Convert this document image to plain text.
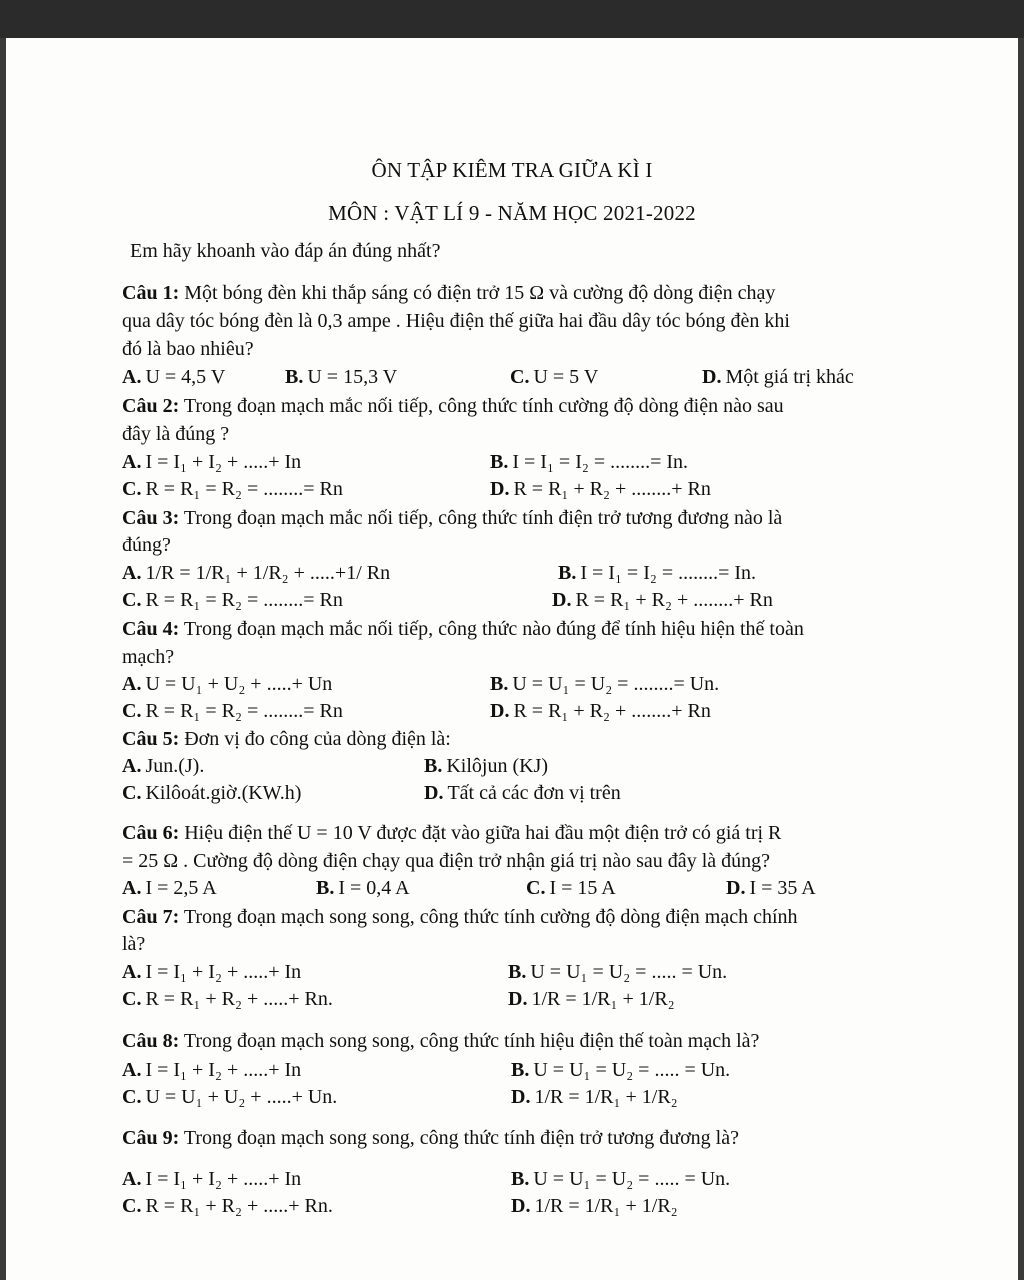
ÔN TẬP KIÊM TRA GIỮA KÌ I
MÔN : VẬT LÍ 9 - NĂM HỌC 2021-2022
Em hãy khoanh vào đáp án đúng nhất?
Câu 1: Một bóng đèn khi thắp sáng có điện trở 15 Ω và cường độ dòng điện chạy
qua dây tóc bóng đèn là 0,3 ampe . Hiệu điện thế giữa hai đầu dây tóc bóng đèn khi
đó là bao nhiêu?
A. U = 4,5 V	B. U = 15,3 V	C. U = 5 V	D. Một giá trị khác
Câu 2: Trong đoạn mạch mắc nối tiếp, công thức tính cường độ dòng điện nào sau
đây là đúng ?
A. I = I₁ + I₂ + .....+ In	B. I = I₁ = I₂ = ........= In.
C. R = R₁ = R₂ = ........= Rn	D. R = R₁ + R₂ + ........+ Rn
Câu 3: Trong đoạn mạch mắc nối tiếp, công thức tính điện trở tương đương nào là
đúng?
A. 1/R = 1/R₁ + 1/R₂ + .....+1/ Rn	B. I = I₁ = I₂ = ........= In.
C. R = R₁ = R₂ = ........= Rn	D. R = R₁ + R₂ + ........+ Rn
Câu 4: Trong đoạn mạch mắc nối tiếp, công thức nào đúng để tính hiệu hiện thế toàn
mạch?
A. U = U₁ + U₂ + .....+ Un	B. U = U₁ = U₂ = ........= Un.
C. R = R₁ = R₂ = ........= Rn	D. R = R₁ + R₂ + ........+ Rn
Câu 5: Đơn vị đo công của dòng điện là:
A. Jun.(J).	B. Kilôjun (KJ)
C. Kilôoát.giờ.(KW.h)	D. Tất cả các đơn vị trên
Câu 6: Hiệu điện thế U = 10 V được đặt vào giữa hai đầu một điện trở có giá trị R
= 25 Ω . Cường độ dòng điện chạy qua điện trở nhận giá trị nào sau đây là đúng?
A. I = 2,5 A	B. I = 0,4 A	C. I = 15 A	D. I = 35 A
Câu 7: Trong đoạn mạch song song, công thức tính cường độ dòng điện mạch chính
là?
A. I = I₁ + I₂ + .....+ In	B. U = U₁ = U₂ = ..... = Un.
C. R = R₁ + R₂ + .....+ Rn.	D. 1/R = 1/R₁ + 1/R₂
Câu 8: Trong đoạn mạch song song, công thức tính hiệu điện thế toàn mạch là?
A. I = I₁ + I₂ + .....+ In	B. U = U₁ = U₂ = ..... = Un.
C. U = U₁ + U₂ + .....+ Un.	D. 1/R = 1/R₁ + 1/R₂
Câu 9: Trong đoạn mạch song song, công thức tính điện trở tương đương là?
A. I = I₁ + I₂ + .....+ In	B. U = U₁ = U₂ = ..... = Un.
C. R = R₁ + R₂ + .....+ Rn.	D. 1/R = 1/R₁ + 1/R₂
